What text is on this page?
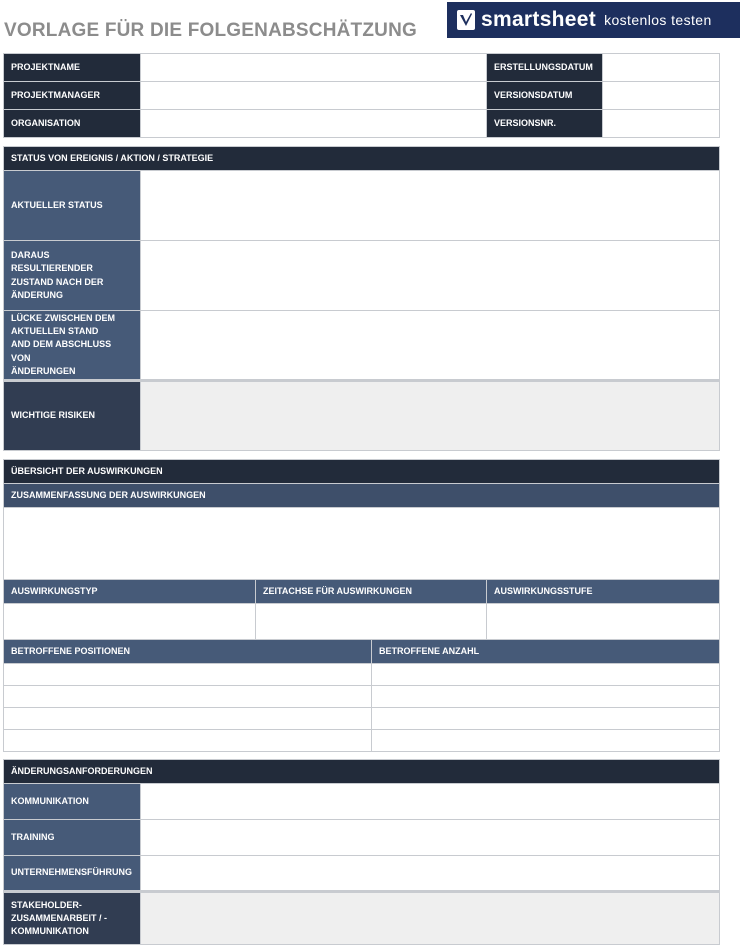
VORLAGE FÜR DIE FOLGENABSCHÄTZUNG	smartsheet kostenlos testen
PROJEKTNAME		ERSTELLUNGSDATUM	
PROJEKTMANAGER		VERSIONSDATUM	
ORGANISATION		VERSIONSNR.	
STATUS VON EREIGNIS / AKTION / STRATEGIE	
AKTUELLER STATUS	

DARAUS RESULTIERENDER
ZUSTAND NACH DER
ÄNDERUNG	

LÜCKE ZWISCHEN DEM
AKTUELLEN STAND
AND DEM ABSCHLUSS VON
ÄNDERUNGEN	

WICHTIGE RISIKEN	
ÜBERSICHT DER AUSWIRKUNGEN		
ZUSAMMENFASSUNG DER AUSWIRKUNGEN		

AUSWIRKUNGSTYP	ZEITACHSE FÜR AUSWIRKUNGEN	AUSWIRKUNGSSTUFE

BETROFFENE POSITIONEN	BETROFFENE ANZAHL

ÄNDERUNGSANFORDERUNGEN	
KOMMUNIKATION	
TRAINING	
UNTERNEHMENSFÜHRUNG	

STAKEHOLDER-
ZUSAMMENARBEIT / -
KOMMUNIKATION	
